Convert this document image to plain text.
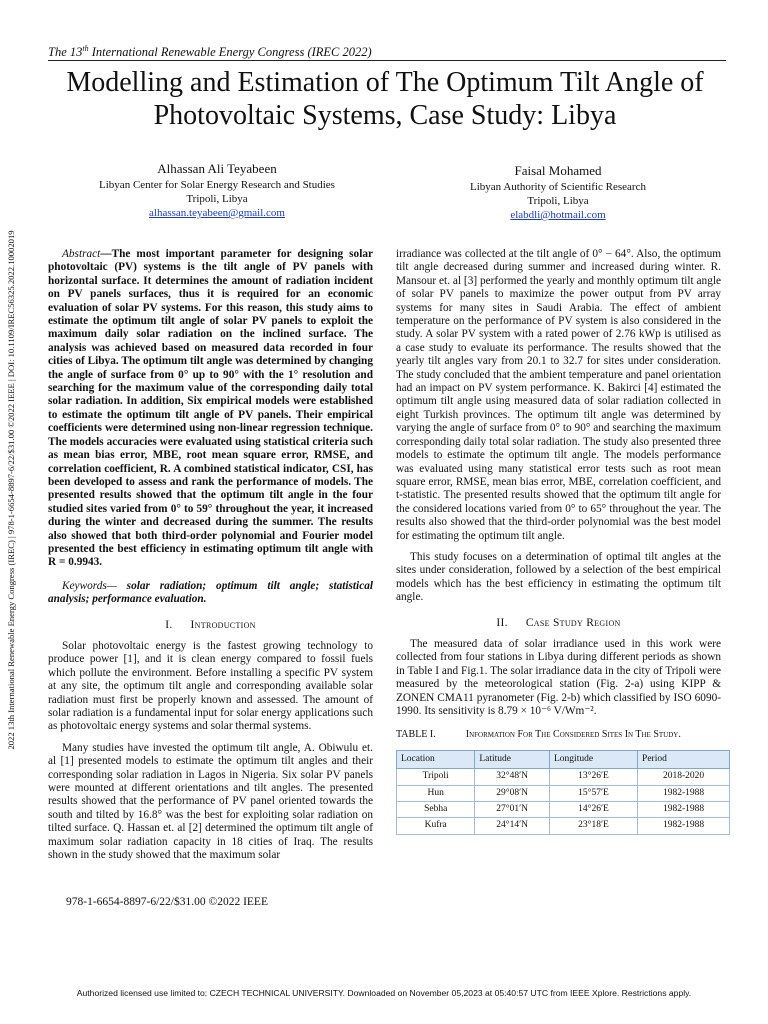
The 13th International Renewable Energy Congress (IREC 2022)
Modelling and Estimation of The Optimum Tilt Angle of Photovoltaic Systems, Case Study: Libya
Alhassan Ali Teyabeen
Libyan Center for Solar Energy Research and Studies
Tripoli, Libya
alhassan.teyabeen@gmail.com
Faisal Mohamed
Libyan Authority of Scientific Research
Tripoli, Libya
elabdli@hotmail.com
2022 13th International Renewable Energy Congress (IREC) | 978-1-6654-8897-6/22/$31.00 ©2022 IEEE | DOI: 10.1109/IREC56325.2022.10002019	Abstract—The most important parameter for designing solar photovoltaic (PV) systems is the tilt angle of PV panels with horizontal surface. It determines the amount of radiation incident on PV panels surfaces, thus it is required for an economic evaluation of solar PV systems. For this reason, this study aims to estimate the optimum tilt angle of solar PV panels to exploit the maximum daily solar radiation on the inclined surface. The analysis was achieved based on measured data recorded in four cities of Libya. The optimum tilt angle was determined by changing the angle of surface from 0° up to 90° with the 1° resolution and searching for the maximum value of the corresponding daily total solar radiation. In addition, Six empirical models were established to estimate the optimum tilt angle of PV panels. Their empirical coefficients were determined using non-linear regression technique. The models accuracies were evaluated using statistical criteria such as mean bias error, MBE, root mean square error, RMSE, and correlation coefficient, R. A combined statistical indicator, CSI, has been developed to assess and rank the performance of models. The presented results showed that the optimum tilt angle in the four studied sites varied from 0° to 59° throughout the year, it increased during the winter and decreased during the summer. The results also showed that both third-order polynomial and Fourier model presented the best efficiency in estimating optimum tilt angle with R = 0.9943.

Keywords— solar radiation; optimum tilt angle; statistical analysis; performance evaluation.

I. Introduction

Solar photovoltaic energy is the fastest growing technology to produce power [1], and it is clean energy compared to fossil fuels which pollute the environment. Before installing a specific PV system at any site, the optimum tilt angle and corresponding available solar radiation must first be properly known and assessed. The amount of solar radiation is a fundamental input for solar energy applications such as photovoltaic energy systems and solar thermal systems.

Many studies have invested the optimum tilt angle, A. Obiwulu et. al [1] presented models to estimate the optimum tilt angles and their corresponding solar radiation in Lagos in Nigeria. Six solar PV panels were mounted at different orientations and tilt angles. The presented results showed that the performance of PV panel oriented towards the south and tilted by 16.8° was the best for exploiting solar radiation on tilted surface. Q. Hassan et. al [2] determined the optimum tilt angle of maximum solar radiation capacity in 18 cities of Iraq. The results shown in the study showed that the maximum solar

irradiance was collected at the tilt angle of 0° − 64°. Also, the optimum tilt angle decreased during summer and increased during winter. R. Mansour et. al [3] performed the yearly and monthly optimum tilt angle of solar PV panels to maximize the power output from PV array systems for many sites in Saudi Arabia. The effect of ambient temperature on the performance of PV system is also considered in the study. A solar PV system with a rated power of 2.76 kWp is utilised as a case study to evaluate its performance. The results showed that the yearly tilt angles vary from 20.1 to 32.7 for sites under consideration. The study concluded that the ambient temperature and panel orientation had an impact on PV system performance. K. Bakirci [4] estimated the optimum tilt angle using measured data of solar radiation collected in eight Turkish provinces. The optimum tilt angle was determined by varying the angle of surface from 0° to 90° and searching the maximum corresponding daily total solar radiation. The study also presented three models to estimate the optimum tilt angle. The models performance was evaluated using many statistical error tests such as root mean square error, RMSE, mean bias error, MBE, correlation coefficient, and t-statistic. The presented results showed that the optimum tilt angle for the considered locations varied from 0° to 65° throughout the year. The results also showed that the third-order polynomial was the best model for estimating the optimum tilt angle.

This study focuses on a determination of optimal tilt angles at the sites under consideration, followed by a selection of the best empirical models which has the best efficiency in estimating the optimum tilt angle.

II. Case Study Region

The measured data of solar irradiance used in this work were collected from four stations in Libya during different periods as shown in Table I and Fig.1. The solar irradiance data in the city of Tripoli were measured by the meteorological station (Fig. 2-a) using KIPP & ZONEN CMA11 pyranometer (Fig. 2-b) which classified by ISO 6090-1990. Its sensitivity is 8.79 × 10⁻⁶ V/Wm⁻².

TABLE I.	Information For The Considered Sites In The Study.
Location	Latitude	Longitude	Period
Tripoli	32°48′N	13°26′E	2018-2020
Hun	29°08′N	15°57′E	1982-1988
Sebha	27°01′N	14°26′E	1982-1988
Kufra	24°14′N	23°18′E	1982-1988
978-1-6654-8897-6/22/$31.00 ©2022 IEEE
Authorized licensed use limited to: CZECH TECHNICAL UNIVERSITY. Downloaded on November 05,2023 at 05:40:57 UTC from IEEE Xplore. Restrictions apply.
